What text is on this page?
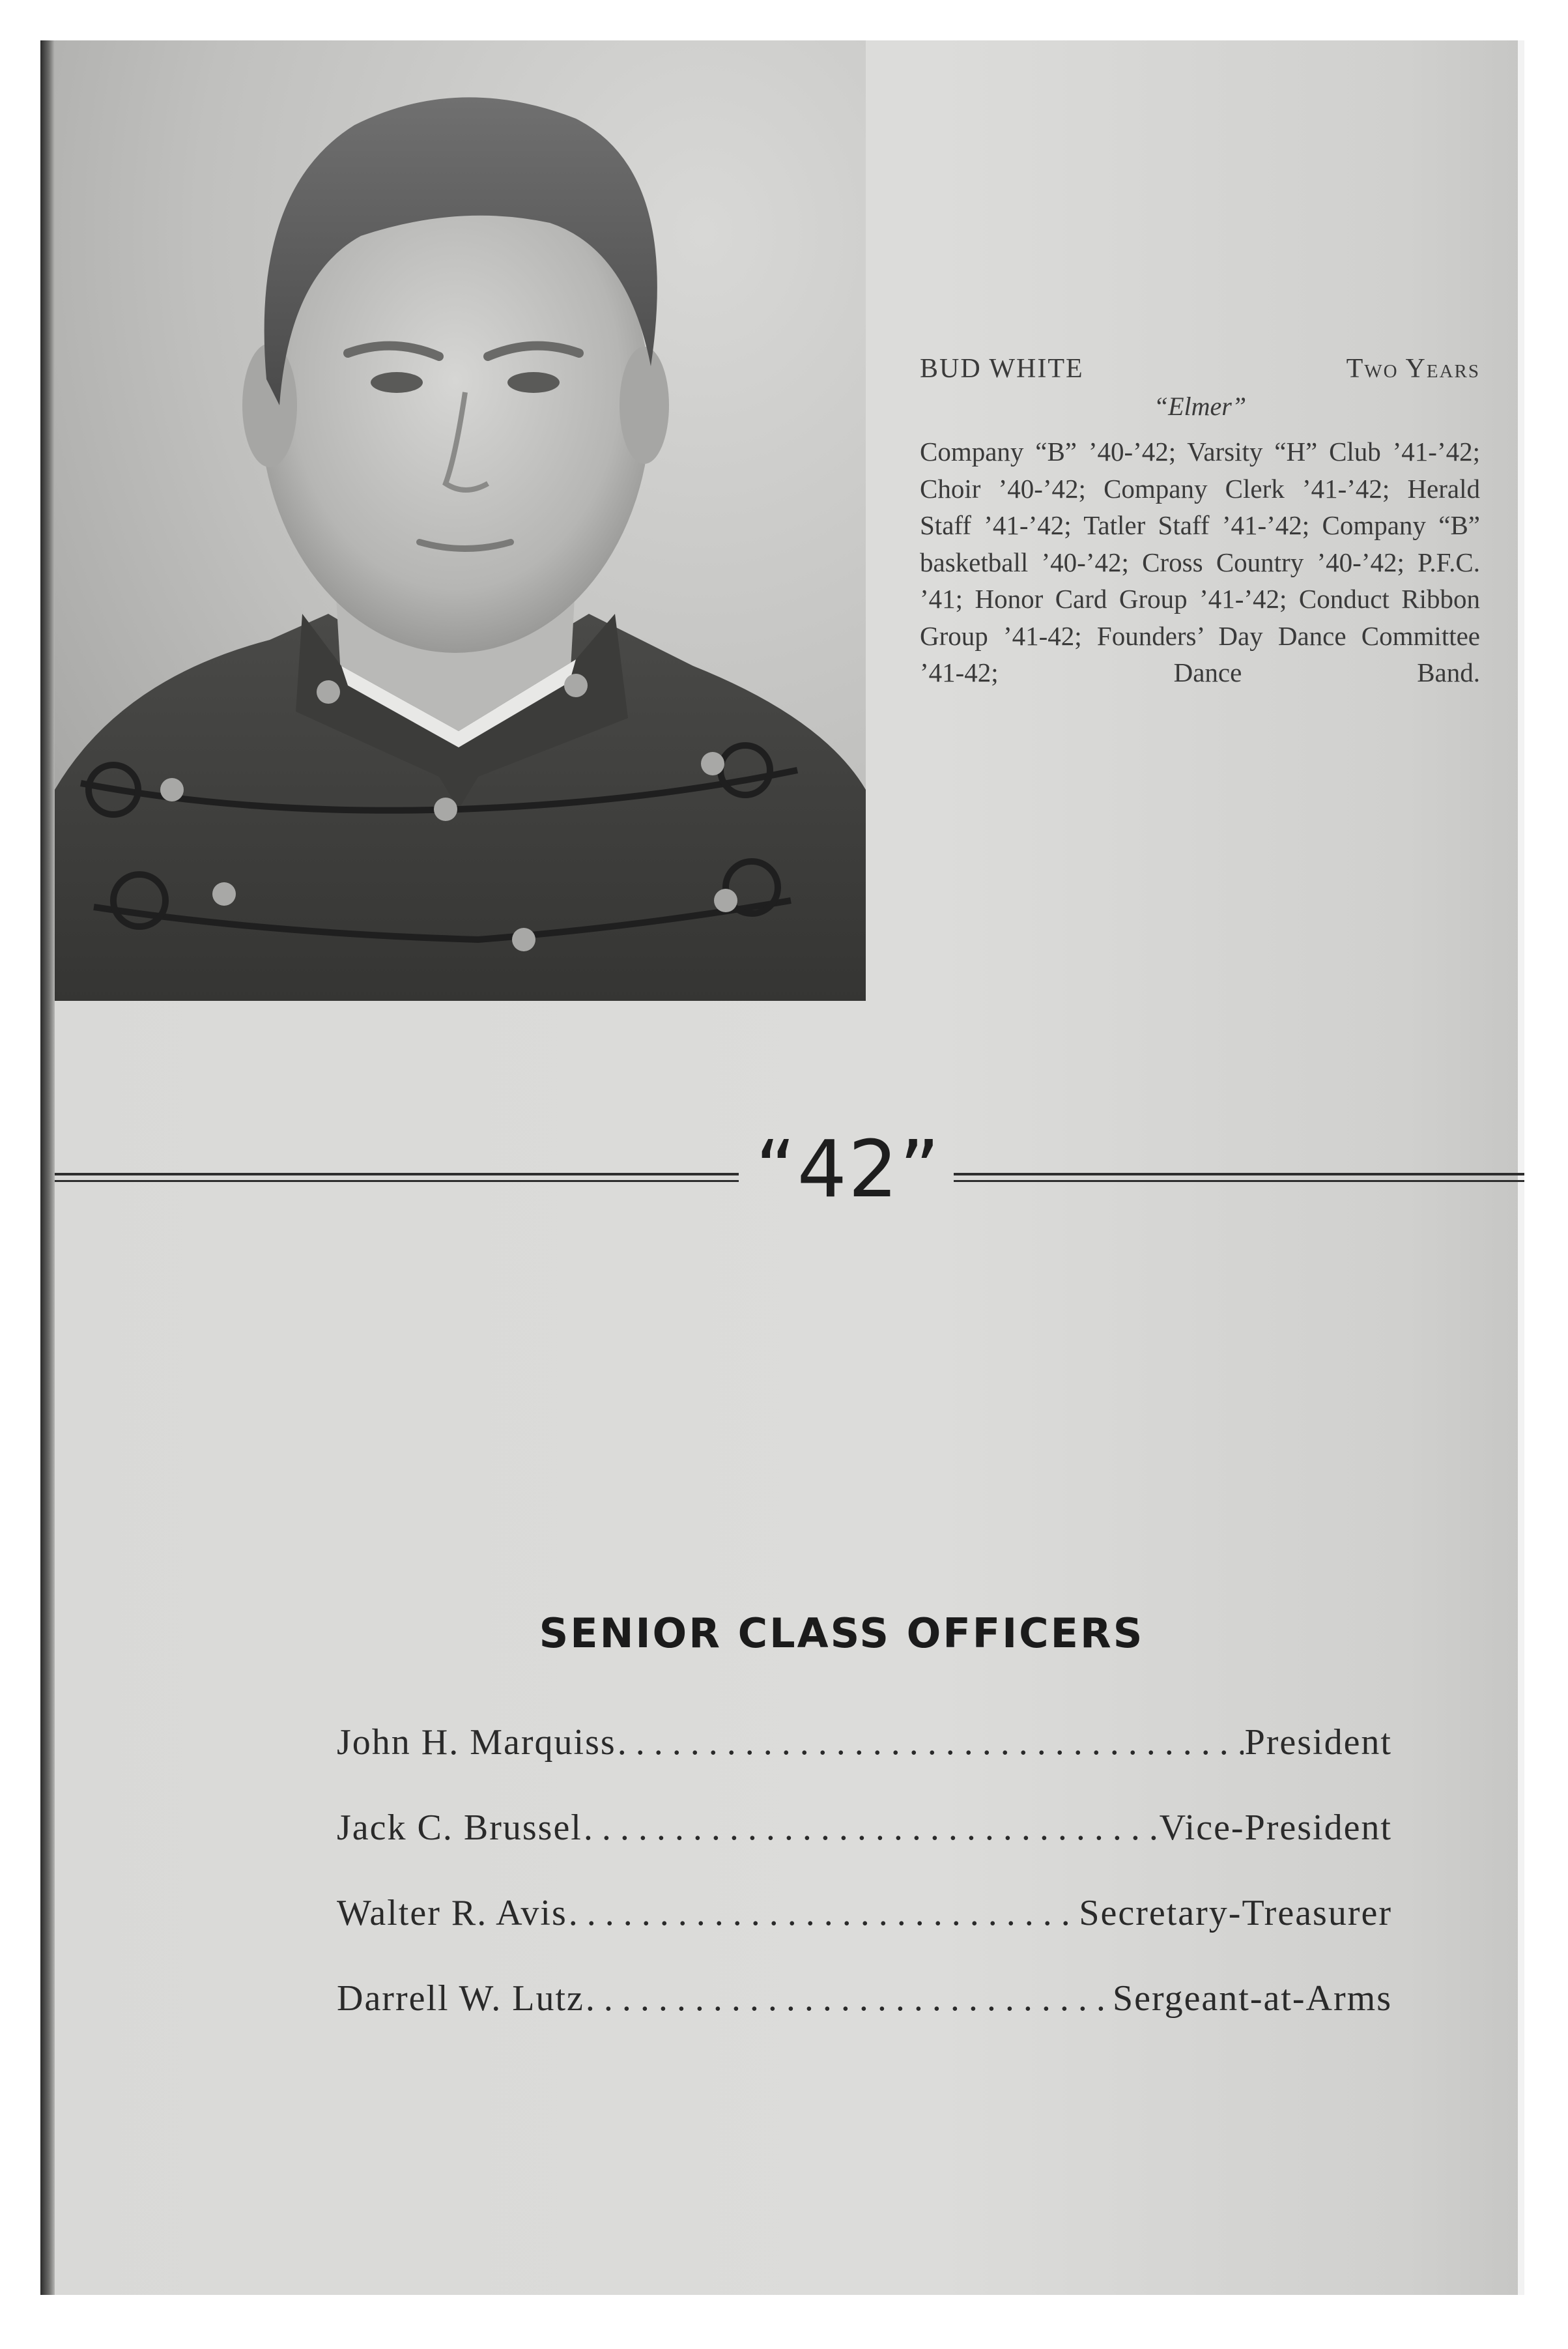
BUD WHITE	Two Years
“Elmer”
Company “B” ’40-’42; Varsity “H” Club ’41-’42; Choir ’40-’42; Company Clerk ’41-’42; Herald Staff ’41-’42; Tatler Staff ’41-’42; Company “B” basketball ’40-’42; Cross Country ’40-’42; P.F.C. ’41; Honor Card Group ’41-’42; Conduct Ribbon Group ’41-42; Founders’ Day Dance Committee ’41-42; Dance Band.
“42”
SENIOR CLASS OFFICERS
John H. Marquiss .....	President
Jack C. Brussel .....	Vice-President
Walter R. Avis .....	Secretary-Treasurer
Darrell W. Lutz .....	Sergeant-at-Arms
